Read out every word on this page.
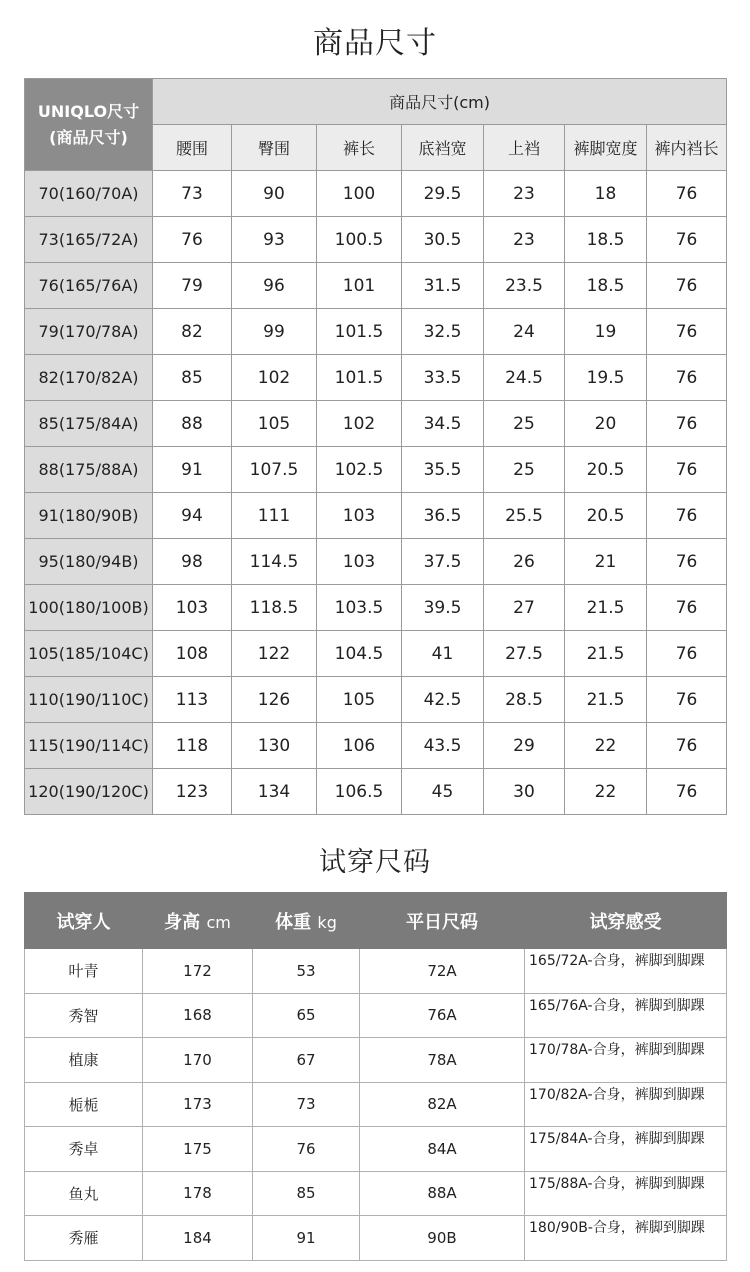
商品尺寸
UNIQLO尺寸
(商品尺寸)	商品尺寸(cm)						
	腰围	臀围	裤长	底裆宽	上裆	裤脚宽度	裤内裆长
70(160/70A)	73	90	100	29.5	23	18	76
73(165/72A)	76	93	100.5	30.5	23	18.5	76
76(165/76A)	79	96	101	31.5	23.5	18.5	76
79(170/78A)	82	99	101.5	32.5	24	19	76
82(170/82A)	85	102	101.5	33.5	24.5	19.5	76
85(175/84A)	88	105	102	34.5	25	20	76
88(175/88A)	91	107.5	102.5	35.5	25	20.5	76
91(180/90B)	94	111	103	36.5	25.5	20.5	76
95(180/94B)	98	114.5	103	37.5	26	21	76
100(180/100B)	103	118.5	103.5	39.5	27	21.5	76
105(185/104C)	108	122	104.5	41	27.5	21.5	76
110(190/110C)	113	126	105	42.5	28.5	21.5	76
115(190/114C)	118	130	106	43.5	29	22	76
120(190/120C)	123	134	106.5	45	30	22	76
试穿尺码
试穿人	身高 cm	体重 kg	平日尺码	试穿感受
叶青	172	53	72A	165/72A-合身，裤脚到脚踝
秀智	168	65	76A	165/76A-合身，裤脚到脚踝
植康	170	67	78A	170/78A-合身，裤脚到脚踝
栀栀	173	73	82A	170/82A-合身，裤脚到脚踝
秀卓	175	76	84A	175/84A-合身，裤脚到脚踝
鱼丸	178	85	88A	175/88A-合身，裤脚到脚踝
秀雁	184	91	90B	180/90B-合身，裤脚到脚踝
